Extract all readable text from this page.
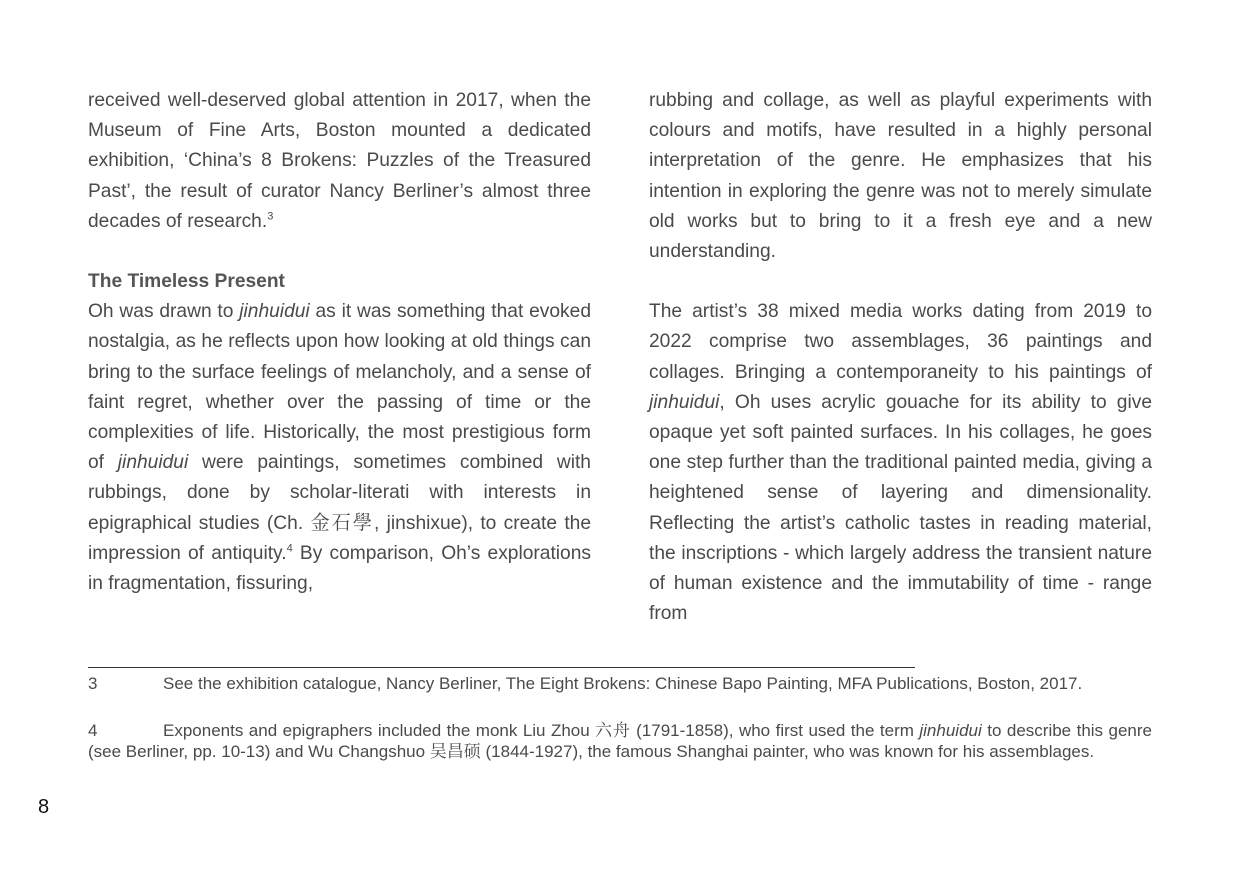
received well-deserved global attention in 2017, when the Museum of Fine Arts, Boston mounted a dedicated exhibition, ‘China’s 8 Brokens: Puzzles of the Treasured Past’, the result of curator Nancy Berliner’s almost three decades of research.$^3$

The Timeless Present

Oh was drawn to jinhuidui as it was something that evoked nostalgia, as he reflects upon how looking at old things can bring to the surface feelings of melancholy, and a sense of faint regret, whether over the passing of time or the complexities of life. Historically, the most prestigious form of jinhuidui were paintings, sometimes combined with rubbings, done by scholar-literati with interests in epigraphical studies (Ch. 金石學, jinshixue), to create the impression of antiquity.$^4$ By comparison, Oh’s explorations in fragmentation, fissuring,

rubbing and collage, as well as playful experiments with colours and motifs, have resulted in a highly personal interpretation of the genre. He emphasizes that his intention in exploring the genre was not to merely simulate old works but to bring to it a fresh eye and a new understanding.

The artist’s 38 mixed media works dating from 2019 to 2022 comprise two assemblages, 36 paintings and collages. Bringing a contemporaneity to his paintings of jinhuidui, Oh uses acrylic gouache for its ability to give opaque yet soft painted surfaces. In his collages, he goes one step further than the traditional painted media, giving a heightened sense of layering and dimensionality. Reflecting the artist’s catholic tastes in reading material, the inscriptions - which largely address the transient nature of human existence and the immutability of time - range from

3	See the exhibition catalogue, Nancy Berliner, The Eight Brokens: Chinese Bapo Painting, MFA Publications, Boston, 2017.

4	Exponents and epigraphers included the monk Liu Zhou 六舟 (1791-1858), who first used the term jinhuidui to describe this genre (see Berliner, pp. 10-13) and Wu Changshuo 吴昌硕 (1844-1927), the famous Shanghai painter, who was known for his assemblages.

8
